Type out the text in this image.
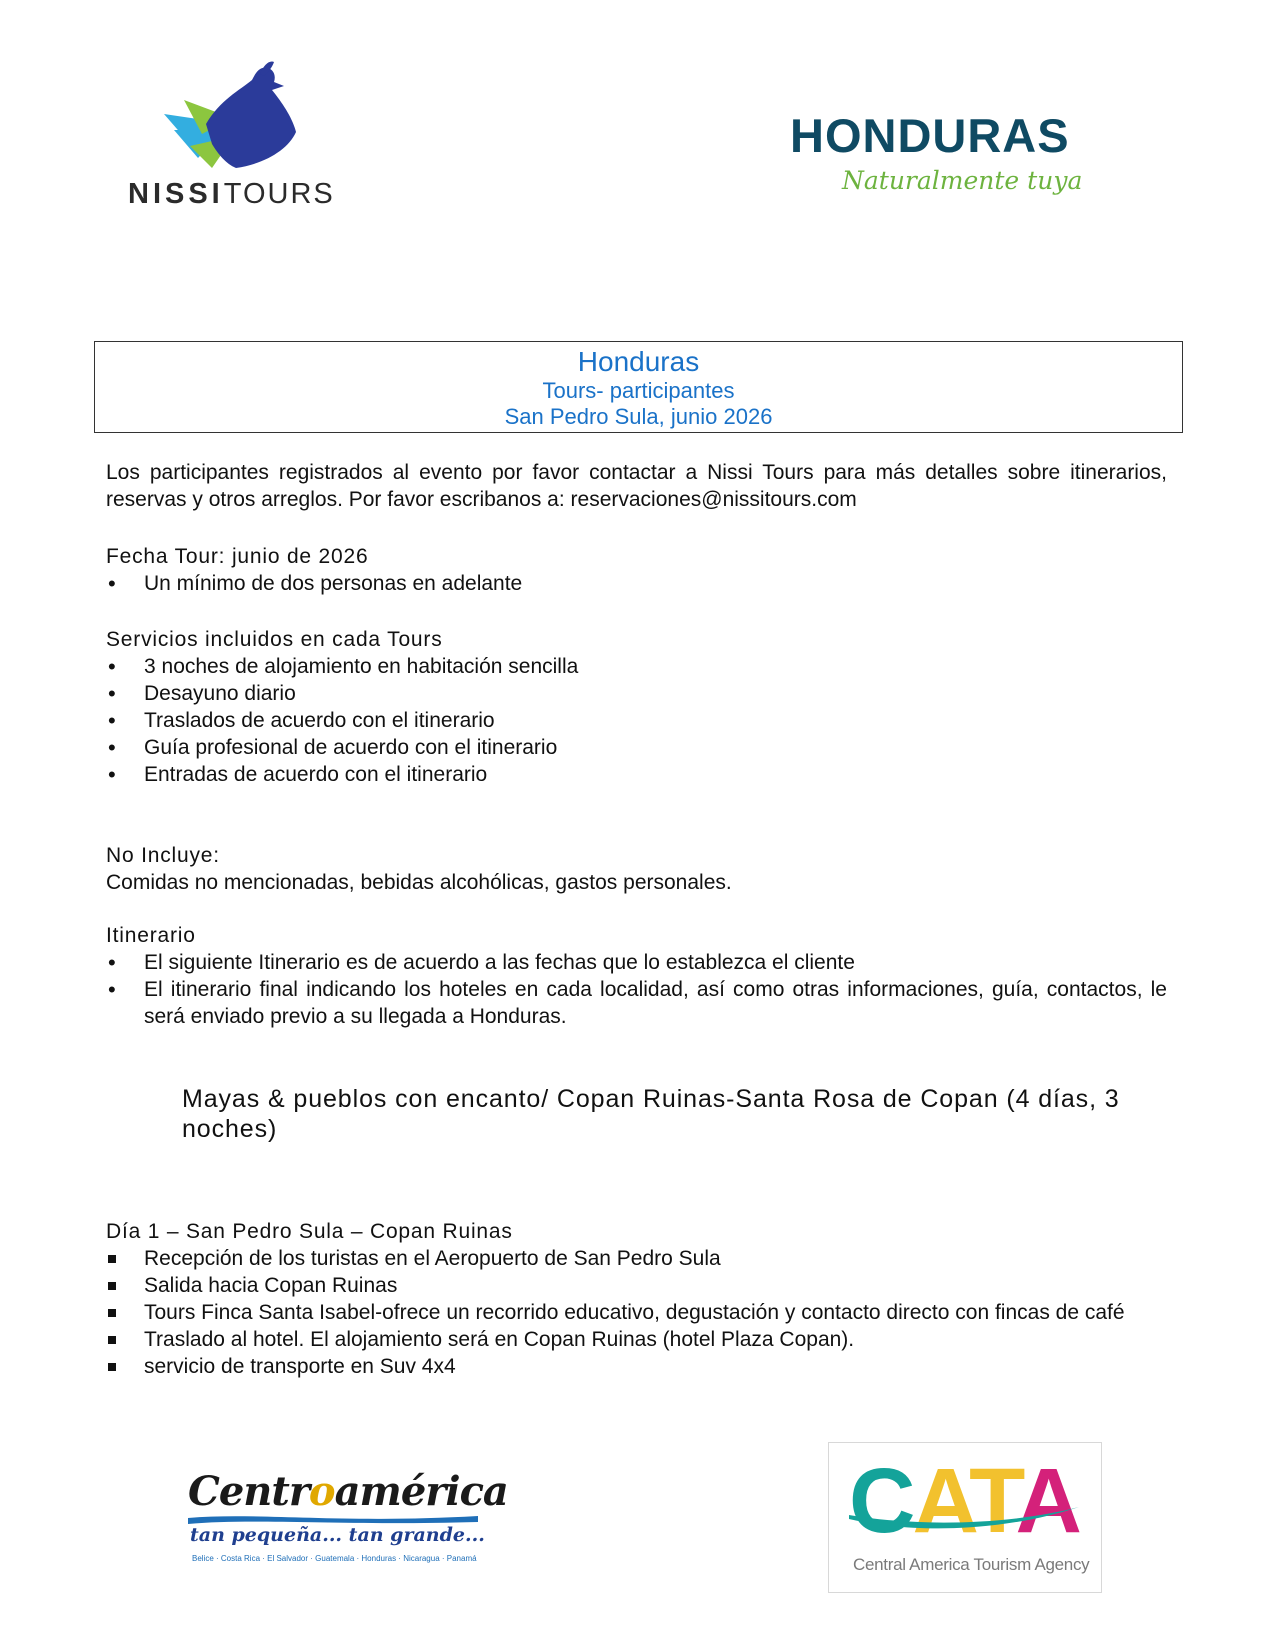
NISSITOURS
HONDURAS
Naturalmente tuya
Honduras
Tours- participantes
San Pedro Sula, junio 2026
Los participantes registrados al evento por favor contactar a Nissi Tours para más detalles sobre itinerarios, reservas y otros arreglos. Por favor escribanos a: reservaciones@nissitours.com
Fecha Tour: junio de 2026
• Un mínimo de dos personas en adelante
Servicios incluidos en cada Tours
• 3 noches de alojamiento en habitación sencilla
• Desayuno diario
• Traslados de acuerdo con el itinerario
• Guía profesional de acuerdo con el itinerario
• Entradas de acuerdo con el itinerario
No Incluye:
Comidas no mencionadas, bebidas alcohólicas, gastos personales.
Itinerario
• El siguiente Itinerario es de acuerdo a las fechas que lo establezca el cliente
• El itinerario final indicando los hoteles en cada localidad, así como otras informaciones, guía, contactos, le será enviado previo a su llegada a Honduras.
Mayas & pueblos con encanto/ Copan Ruinas-Santa Rosa de Copan (4 días, 3 noches)
Día 1 – San Pedro Sula – Copan Ruinas
Recepción de los turistas en el Aeropuerto de San Pedro Sula
Salida hacia Copan Ruinas
Tours Finca Santa Isabel-ofrece un recorrido educativo, degustación y contacto directo con fincas de café
Traslado al hotel. El alojamiento será en Copan Ruinas (hotel Plaza Copan).
servicio de transporte en Suv 4x4
Centroamérica
tan pequeña... tan grande...
Belice · Costa Rica · El Salvador · Guatemala · Honduras · Nicaragua · Panamá
CATA
Central America Tourism Agency
